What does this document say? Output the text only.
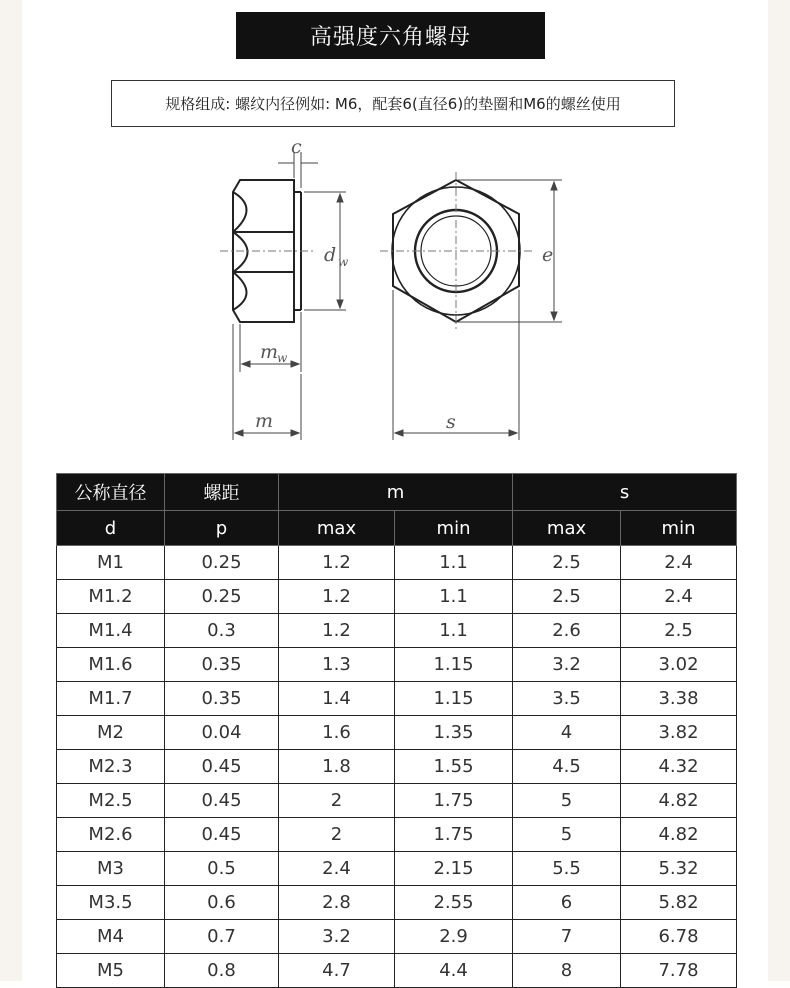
高强度六角螺母
规格组成: 螺纹内径例如: M6，配套6(直径6)的垫圈和M6的螺丝使用
c
d w
m
w
m	s
e
公称直径	螺距	m		s	
d	p	max	min	max	min
M1	0.25	1.2	1.1	2.5	2.4
M1.2	0.25	1.2	1.1	2.5	2.4
M1.4	0.3	1.2	1.1	2.6	2.5
M1.6	0.35	1.3	1.15	3.2	3.02
M1.7	0.35	1.4	1.15	3.5	3.38
M2	0.04	1.6	1.35	4	3.82
M2.3	0.45	1.8	1.55	4.5	4.32
M2.5	0.45	2	1.75	5	4.82
M2.6	0.45	2	1.75	5	4.82
M3	0.5	2.4	2.15	5.5	5.32
M3.5	0.6	2.8	2.55	6	5.82
M4	0.7	3.2	2.9	7	6.78
M5	0.8	4.7	4.4	8	7.78
